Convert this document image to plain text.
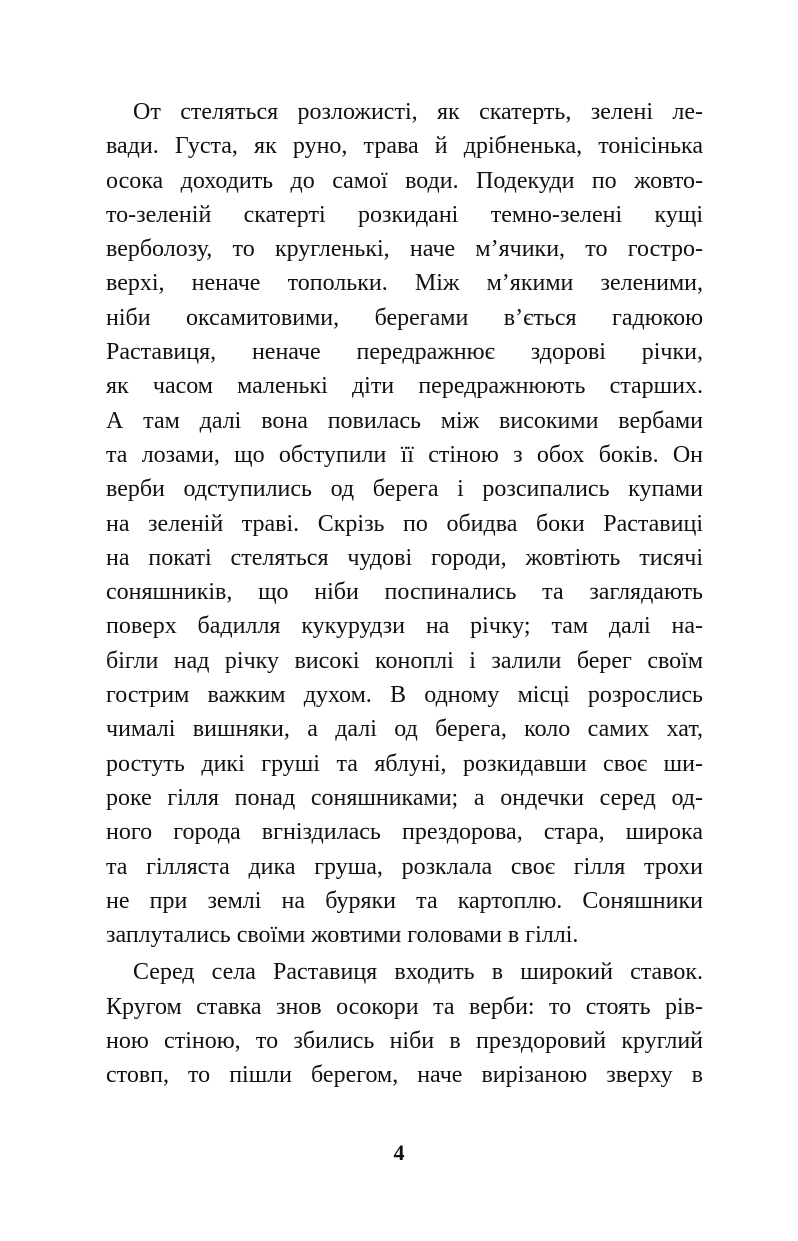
От стеляться розложисті, як скатерть, зелені ле-
вади. Густа, як руно, трава й дрібненька, тонісінька
осока доходить до самої води. Подекуди по жовто-
то-зеленій скатерті розкидані темно-зелені кущі
верболозу, то кругленькі, наче м’ячики, то гостро-
верхі, неначе топольки. Між м’якими зеленими,
ніби оксамитовими, берегами в’ється гадюкою
Раставиця, неначе передражнює здорові річки,
як часом маленькі діти передражнюють старших.
А там далі вона повилась між високими вербами
та лозами, що обступили її стіною з обох боків. Он
верби одступились од берега і розсипались купами
на зеленій траві. Скрізь по обидва боки Раставиці
на покаті стеляться чудові городи, жовтіють тисячі
соняшників, що ніби поспинались та заглядають
поверх бадилля кукурудзи на річку; там далі на-
бігли над річку високі коноплі і залили берег своїм
гострим важким духом. В одному місці розрослись
чималі вишняки, а далі од берега, коло самих хат,
ростуть дикі груші та яблуні, розкидавши своє ши-
роке гілля понад соняшниками; а ондечки серед од-
ного города вгніздилась прездорова, стара, широка
та гілляста дика груша, розклала своє гілля трохи
не при землі на буряки та картоплю. Соняшники
заплутались своїми жовтими головами в гіллі.
Серед села Раставиця входить в широкий ставок.
Кругом ставка знов осокори та верби: то стоять рів-
ною стіною, то збились ніби в прездоровий круглий
стовп, то пішли берегом, наче вирізаною зверху в
4
